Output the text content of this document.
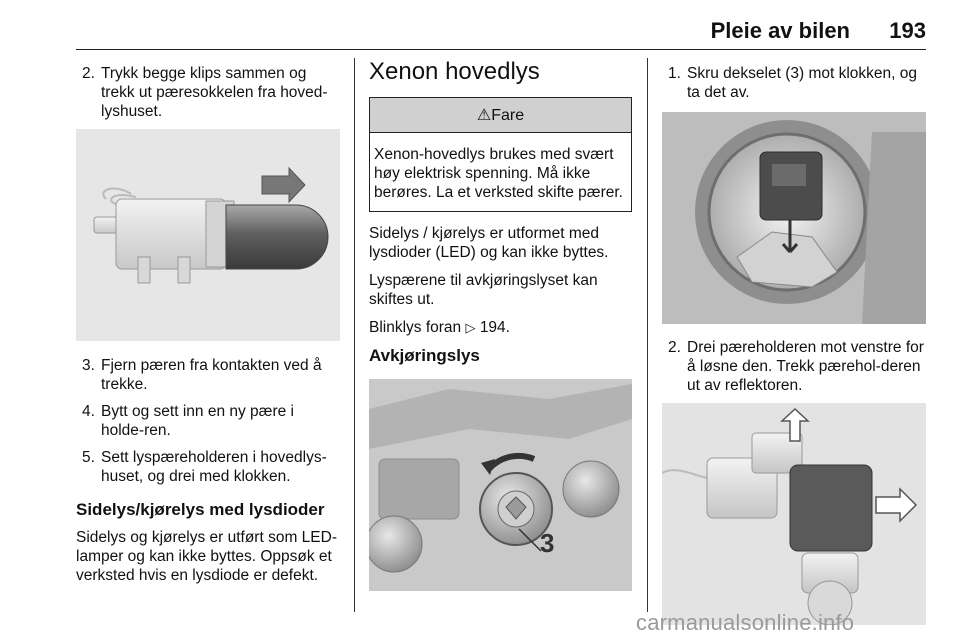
Pleie av bilen	193
2. Trykk begge klips sammen og trekk ut pæresokkelen fra hoved-lyshuset.
3. Fjern pæren fra kontakten ved å trekke.
4. Bytt og sett inn en ny pære i holde-ren.
5. Sett lyspæreholderen i hovedlys-huset, og drei med klokken.
Sidelys/kjørelys med lysdioder
Sidelys og kjørelys er utført som LED-lamper og kan ikke byttes. Oppsøk et verksted hvis en lysdiode er defekt.
Xenon hovedlys
⚠Fare
Xenon-hovedlys brukes med svært høy elektrisk spenning. Må ikke berøres. La et verksted skifte pærer.
Sidelys / kjørelys er utformet med lysdioder (LED) og kan ikke byttes.
Lyspærene til avkjøringslyset kan skiftes ut.
Blinklys foran ▷ 194.
Avkjøringslys
3
1. Skru dekselet (3) mot klokken, og ta det av.
2. Drei pæreholderen mot venstre for å løsne den. Trekk pærehol-deren ut av reflektoren.
carmanualsonline.info
